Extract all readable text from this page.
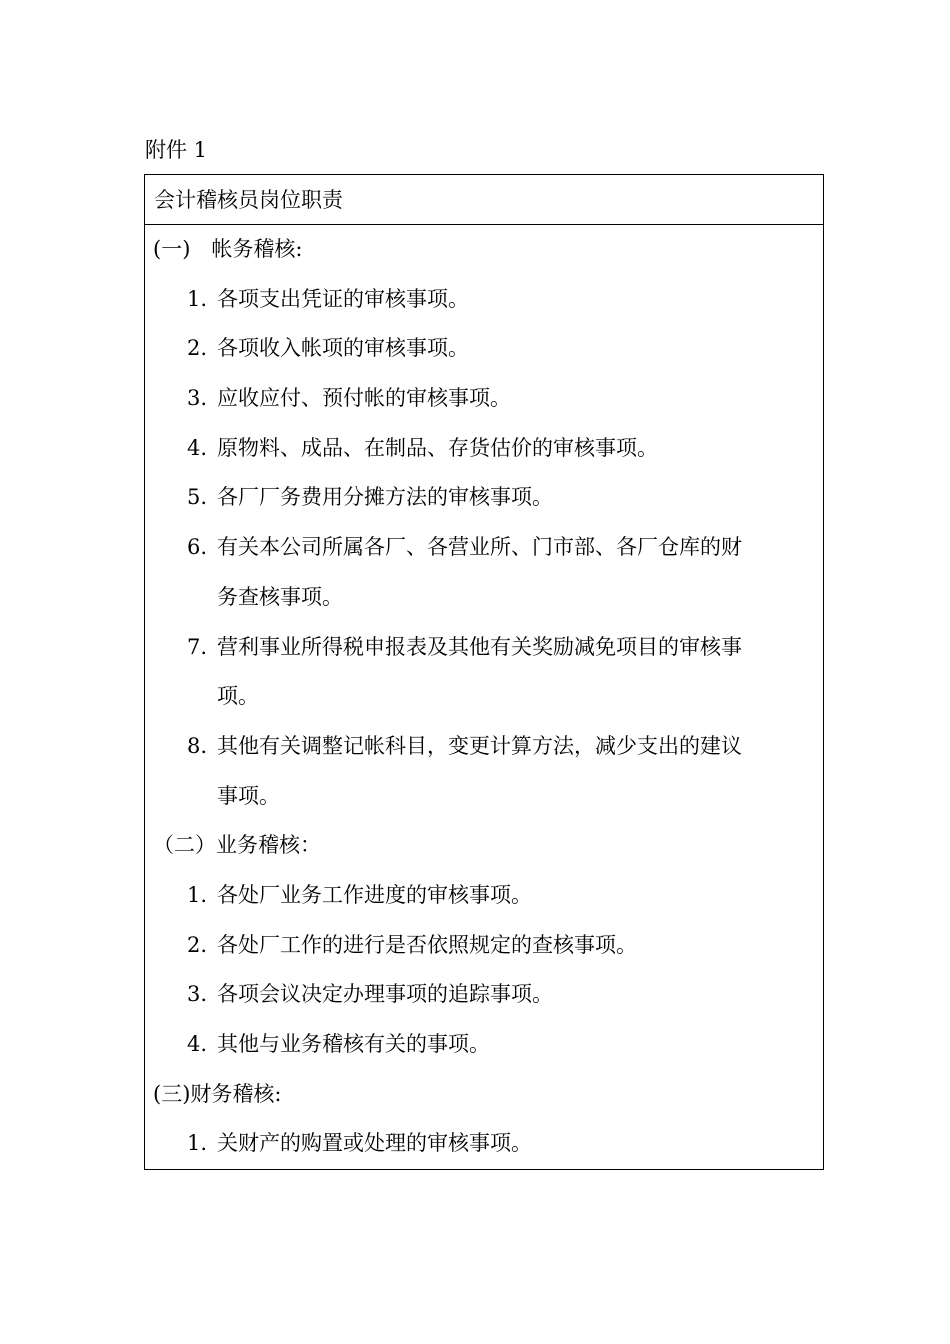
附件 1
会计稽核员岗位职责
(一)　帐务稽核:
1. 各项支出凭证的审核事项。
2. 各项收入帐项的审核事项。
3. 应收应付、预付帐的审核事项。
4. 原物料、成品、在制品、存货估价的审核事项。
5. 各厂厂务费用分摊方法的审核事项。
6. 有关本公司所属各厂、各营业所、门市部、各厂仓库的财
务查核事项。
7. 营利事业所得税申报表及其他有关奖励减免项目的审核事
项。
8. 其他有关调整记帐科目，变更计算方法，减少支出的建议
事项。
（二）业务稽核：
1. 各处厂业务工作进度的审核事项。
2. 各处厂工作的进行是否依照规定的查核事项。
3. 各项会议决定办理事项的追踪事项。
4. 其他与业务稽核有关的事项。
(三)财务稽核:
1. 关财产的购置或处理的审核事项。
